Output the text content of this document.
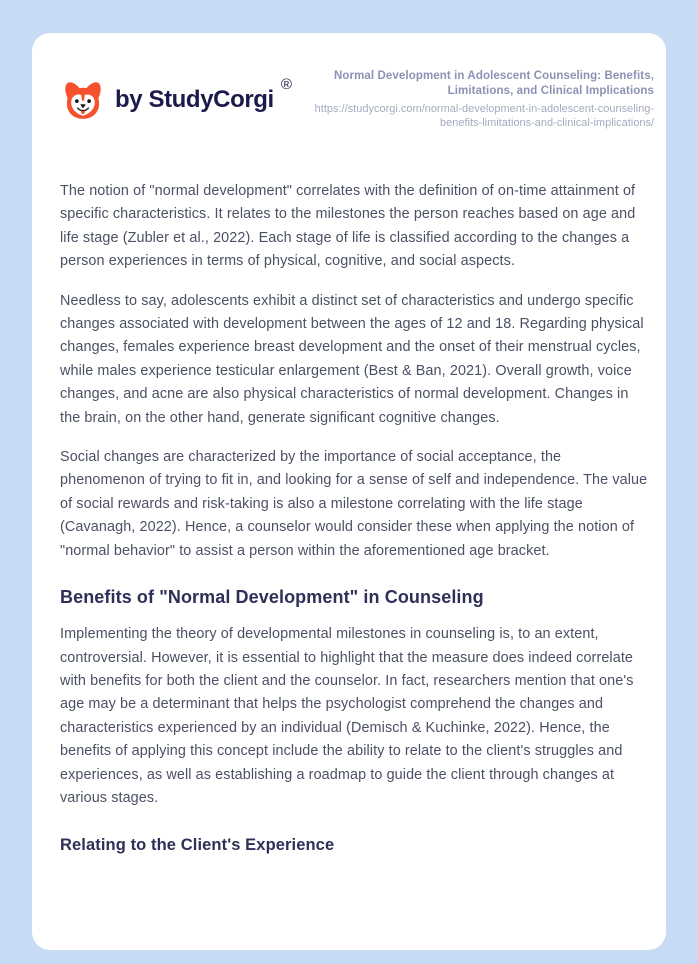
by StudyCorgi
®	Normal Development in Adolescent Counseling: Benefits, Limitations, and Clinical Implications
https://studycorgi.com/normal-development-in-adolescent-counseling-benefits-limitations-and-clinical-implications/

The notion of "normal development" correlates with the definition of on-time attainment of specific characteristics. It relates to the milestones the person reaches based on age and life stage (Zubler et al., 2022). Each stage of life is classified according to the changes a person experiences in terms of physical, cognitive, and social aspects.

Needless to say, adolescents exhibit a distinct set of characteristics and undergo specific changes associated with development between the ages of 12 and 18. Regarding physical changes, females experience breast development and the onset of their menstrual cycles, while males experience testicular enlargement (Best & Ban, 2021). Overall growth, voice changes, and acne are also physical characteristics of normal development. Changes in the brain, on the other hand, generate significant cognitive changes.

Social changes are characterized by the importance of social acceptance, the phenomenon of trying to fit in, and looking for a sense of self and independence. The value of social rewards and risk-taking is also a milestone correlating with the life stage (Cavanagh, 2022). Hence, a counselor would consider these when applying the notion of "normal behavior" to assist a person within the aforementioned age bracket.

Benefits of "Normal Development" in Counseling

Implementing the theory of developmental milestones in counseling is, to an extent, controversial. However, it is essential to highlight that the measure does indeed correlate with benefits for both the client and the counselor. In fact, researchers mention that one's age may be a determinant that helps the psychologist comprehend the changes and characteristics experienced by an individual (Demisch & Kuchinke, 2022). Hence, the benefits of applying this concept include the ability to relate to the client's struggles and experiences, as well as establishing a roadmap to guide the client through changes at various stages.

Relating to the Client's Experience
